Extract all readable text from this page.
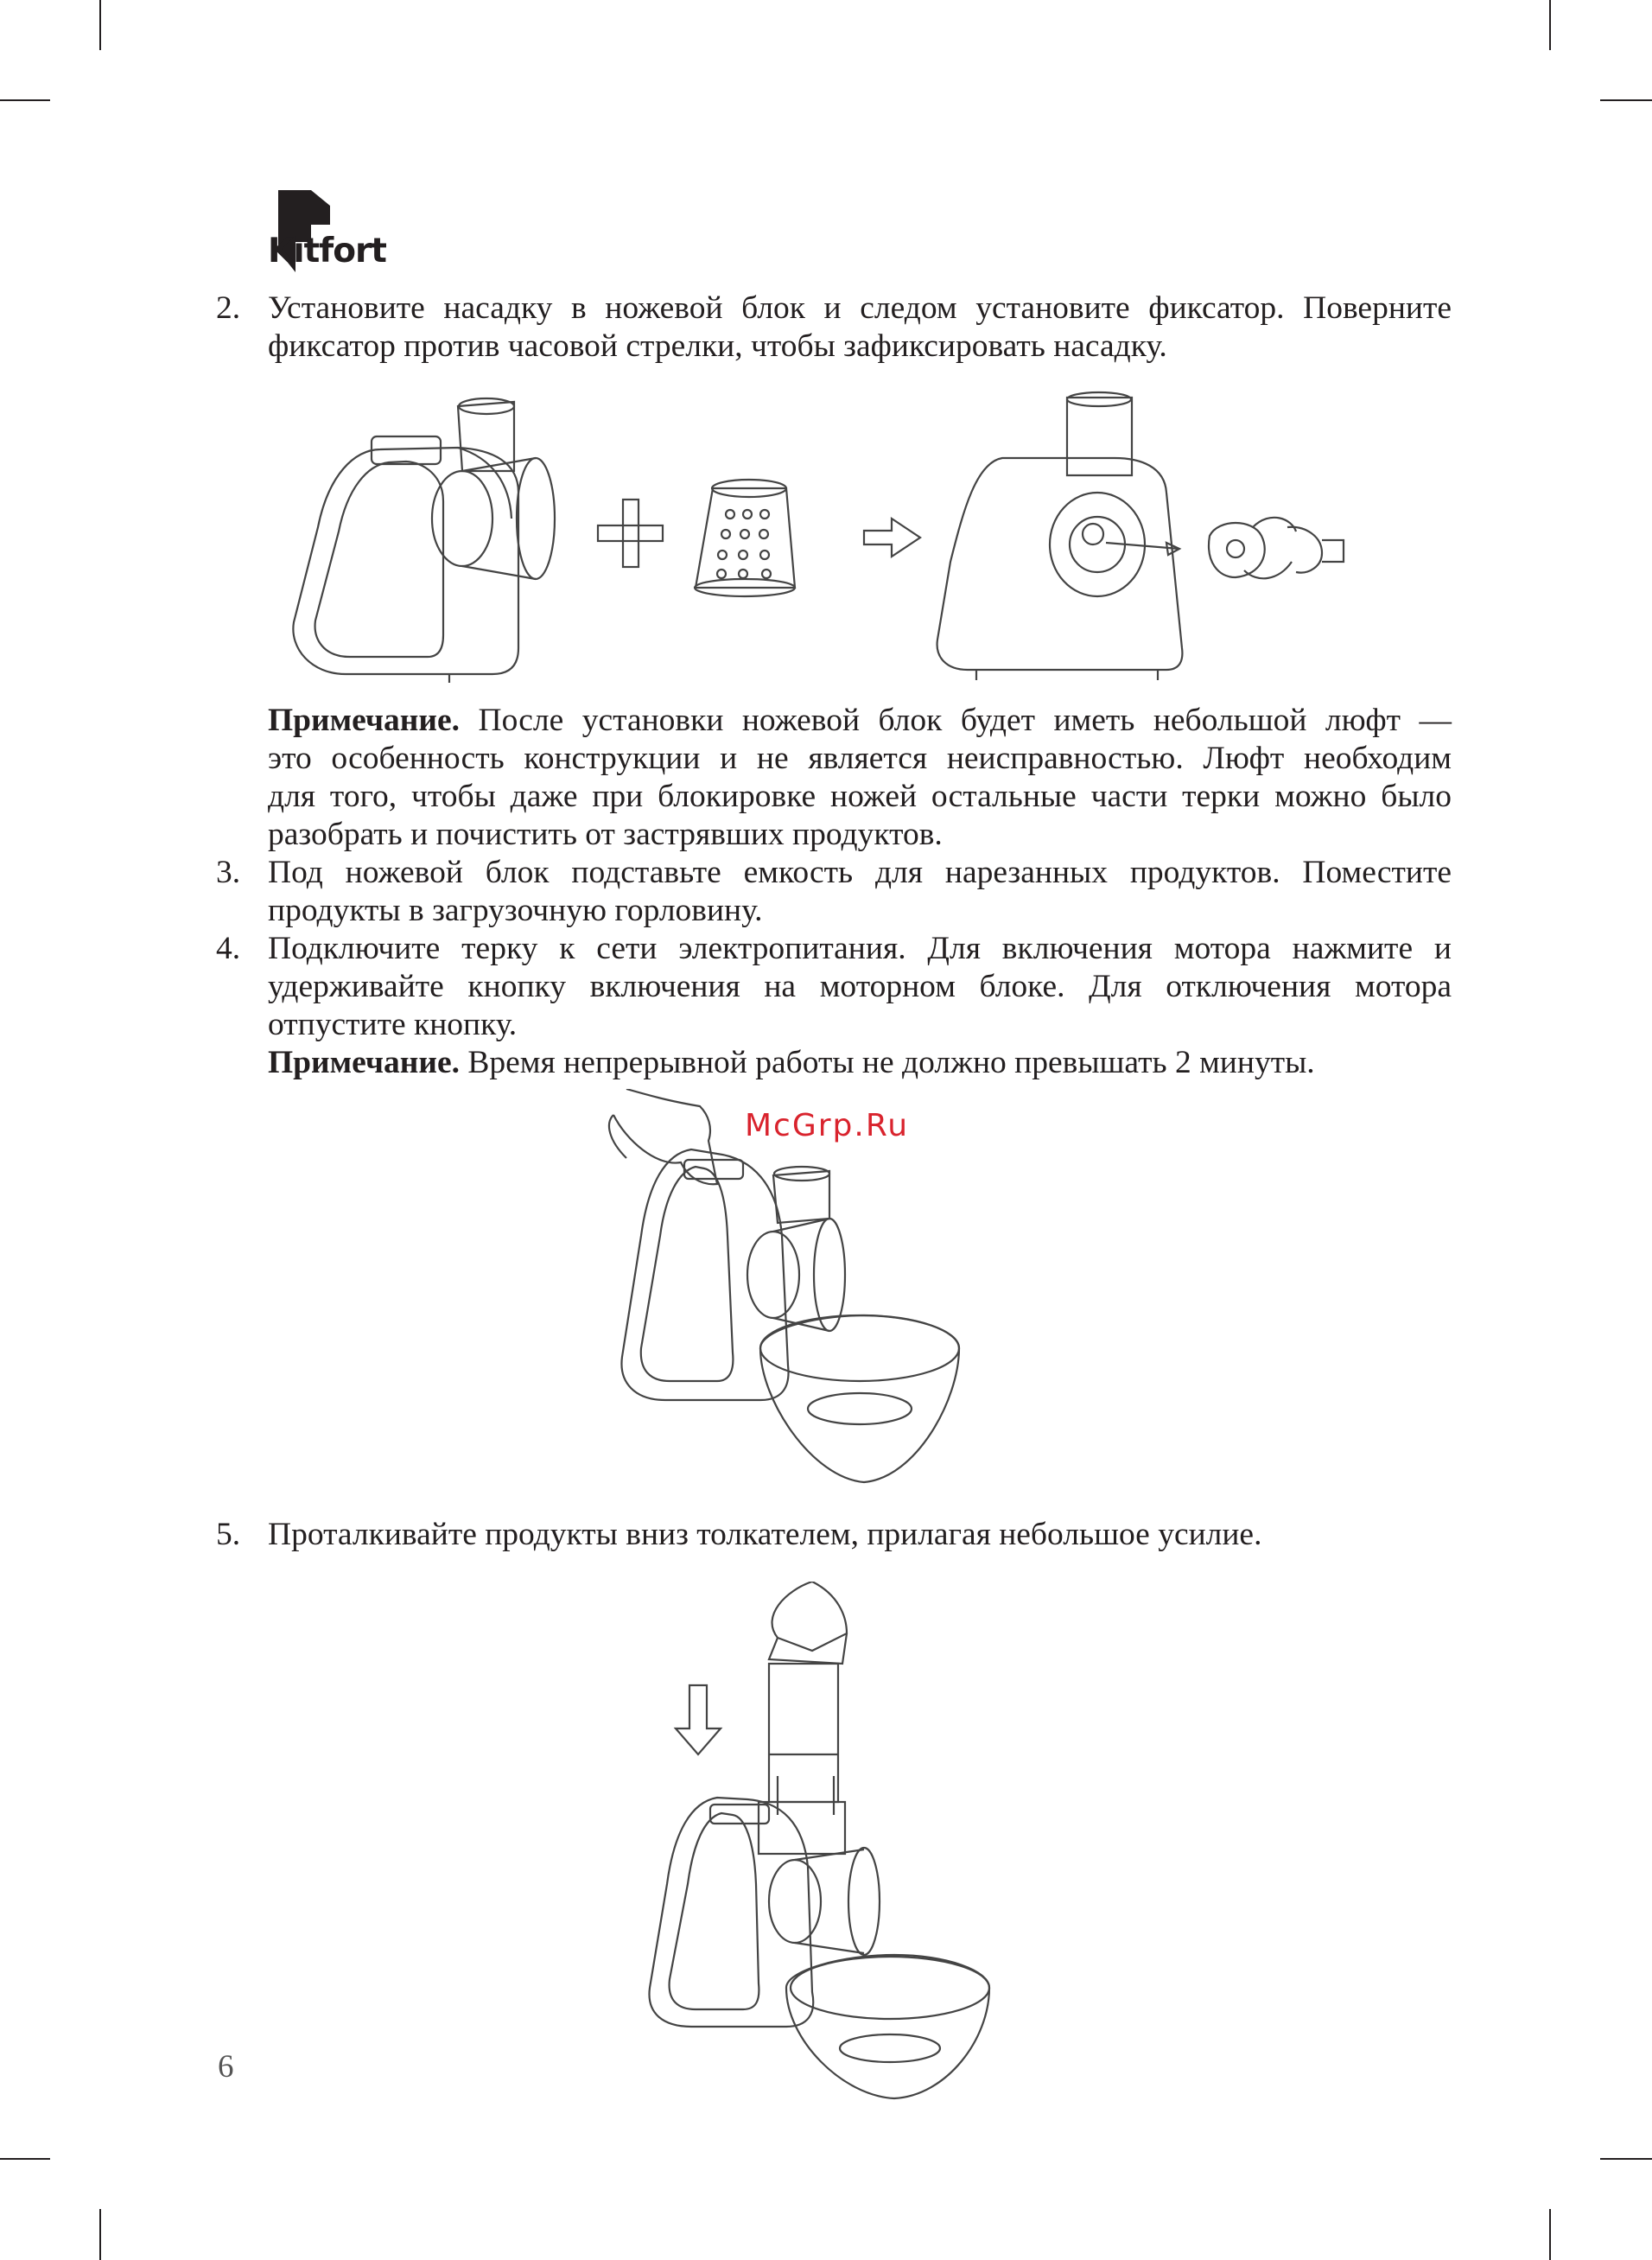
Kitfort
2. Установите насадку в ножевой блок и следом установите фиксатор. Поверните
фиксатор против часовой стрелки, чтобы зафиксировать насадку.
Примечание. После установки ножевой блок будет иметь небольшой люфт —
это особенность конструкции и не является неисправностью. Люфт необходим
для того, чтобы даже при блокировке ножей остальные части терки можно было
разобрать и почистить от застрявших продуктов.
3. Под ножевой блок подставьте емкость для нарезанных продуктов. Поместите
продукты в загрузочную горловину.
4. Подключите терку к сети электропитания. Для включения мотора нажмите и
удерживайте кнопку включения на моторном блоке. Для отключения мотора
отпустите кнопку.
Примечание. Время непрерывной работы не должно превышать 2 минуты.
McGrp.Ru
5. Проталкивайте продукты вниз толкателем, прилагая небольшое усилие.
6
